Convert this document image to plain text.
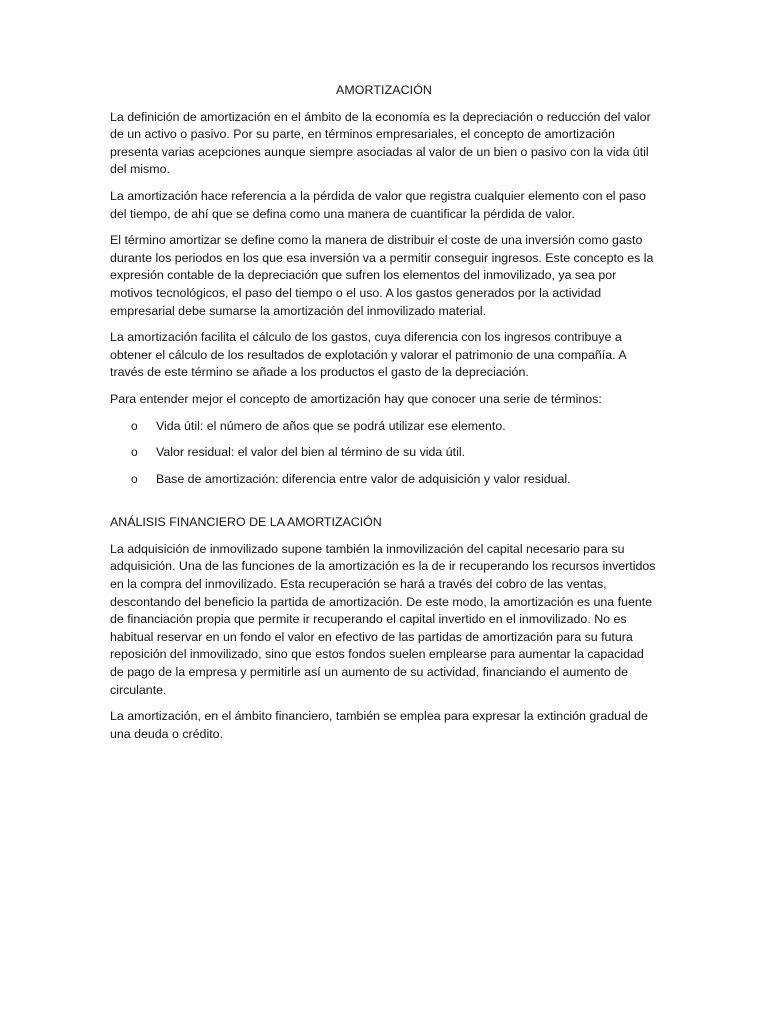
AMORTIZACIÓN

La definición de amortización en el ámbito de la economía es la depreciación o reducción del valor de un activo o pasivo. Por su parte, en términos empresariales, el concepto de amortización presenta varias acepciones aunque siempre asociadas al valor de un bien o pasivo con la vida útil del mismo.

La amortización hace referencia a la pérdida de valor que registra cualquier elemento con el paso del tiempo, de ahí que se defina como una manera de cuantificar la pérdida de valor.

El término amortizar se define como la manera de distribuir el coste de una inversión como gasto durante los periodos en los que esa inversión va a permitir conseguir ingresos. Este concepto es la expresión contable de la depreciación que sufren los elementos del inmovilizado, ya sea por motivos tecnológicos, el paso del tiempo o el uso. A los gastos generados por la actividad empresarial debe sumarse la amortización del inmovilizado material.

La amortización facilita el cálculo de los gastos, cuya diferencia con los ingresos contribuye a obtener el cálculo de los resultados de explotación y valorar el patrimonio de una compañía. A través de este término se añade a los productos el gasto de la depreciación.

Para entender mejor el concepto de amortización hay que conocer una serie de términos:

o Vida útil: el número de años que se podrá utilizar ese elemento.
o Valor residual: el valor del bien al término de su vida útil.
o Base de amortización: diferencia entre valor de adquisición y valor residual.
ANÁLISIS FINANCIERO DE LA AMORTIZACIÓN

La adquisición de inmovilizado supone también la inmovilización del capital necesario para su adquisición. Una de las funciones de la amortización es la de ir recuperando los recursos invertidos en la compra del inmovilizado. Esta recuperación se hará a través del cobro de las ventas, descontando del beneficio la partida de amortización. De este modo, la amortización es una fuente de financiación propia que permite ir recuperando el capital invertido en el inmovilizado. No es habitual reservar en un fondo el valor en efectivo de las partidas de amortización para su futura reposición del inmovilizado, sino que estos fondos suelen emplearse para aumentar la capacidad de pago de la empresa y permitirle así un aumento de su actividad, financiando el aumento de circulante.

La amortización, en el ámbito financiero, también se emplea para expresar la extinción gradual de una deuda o crédito.
